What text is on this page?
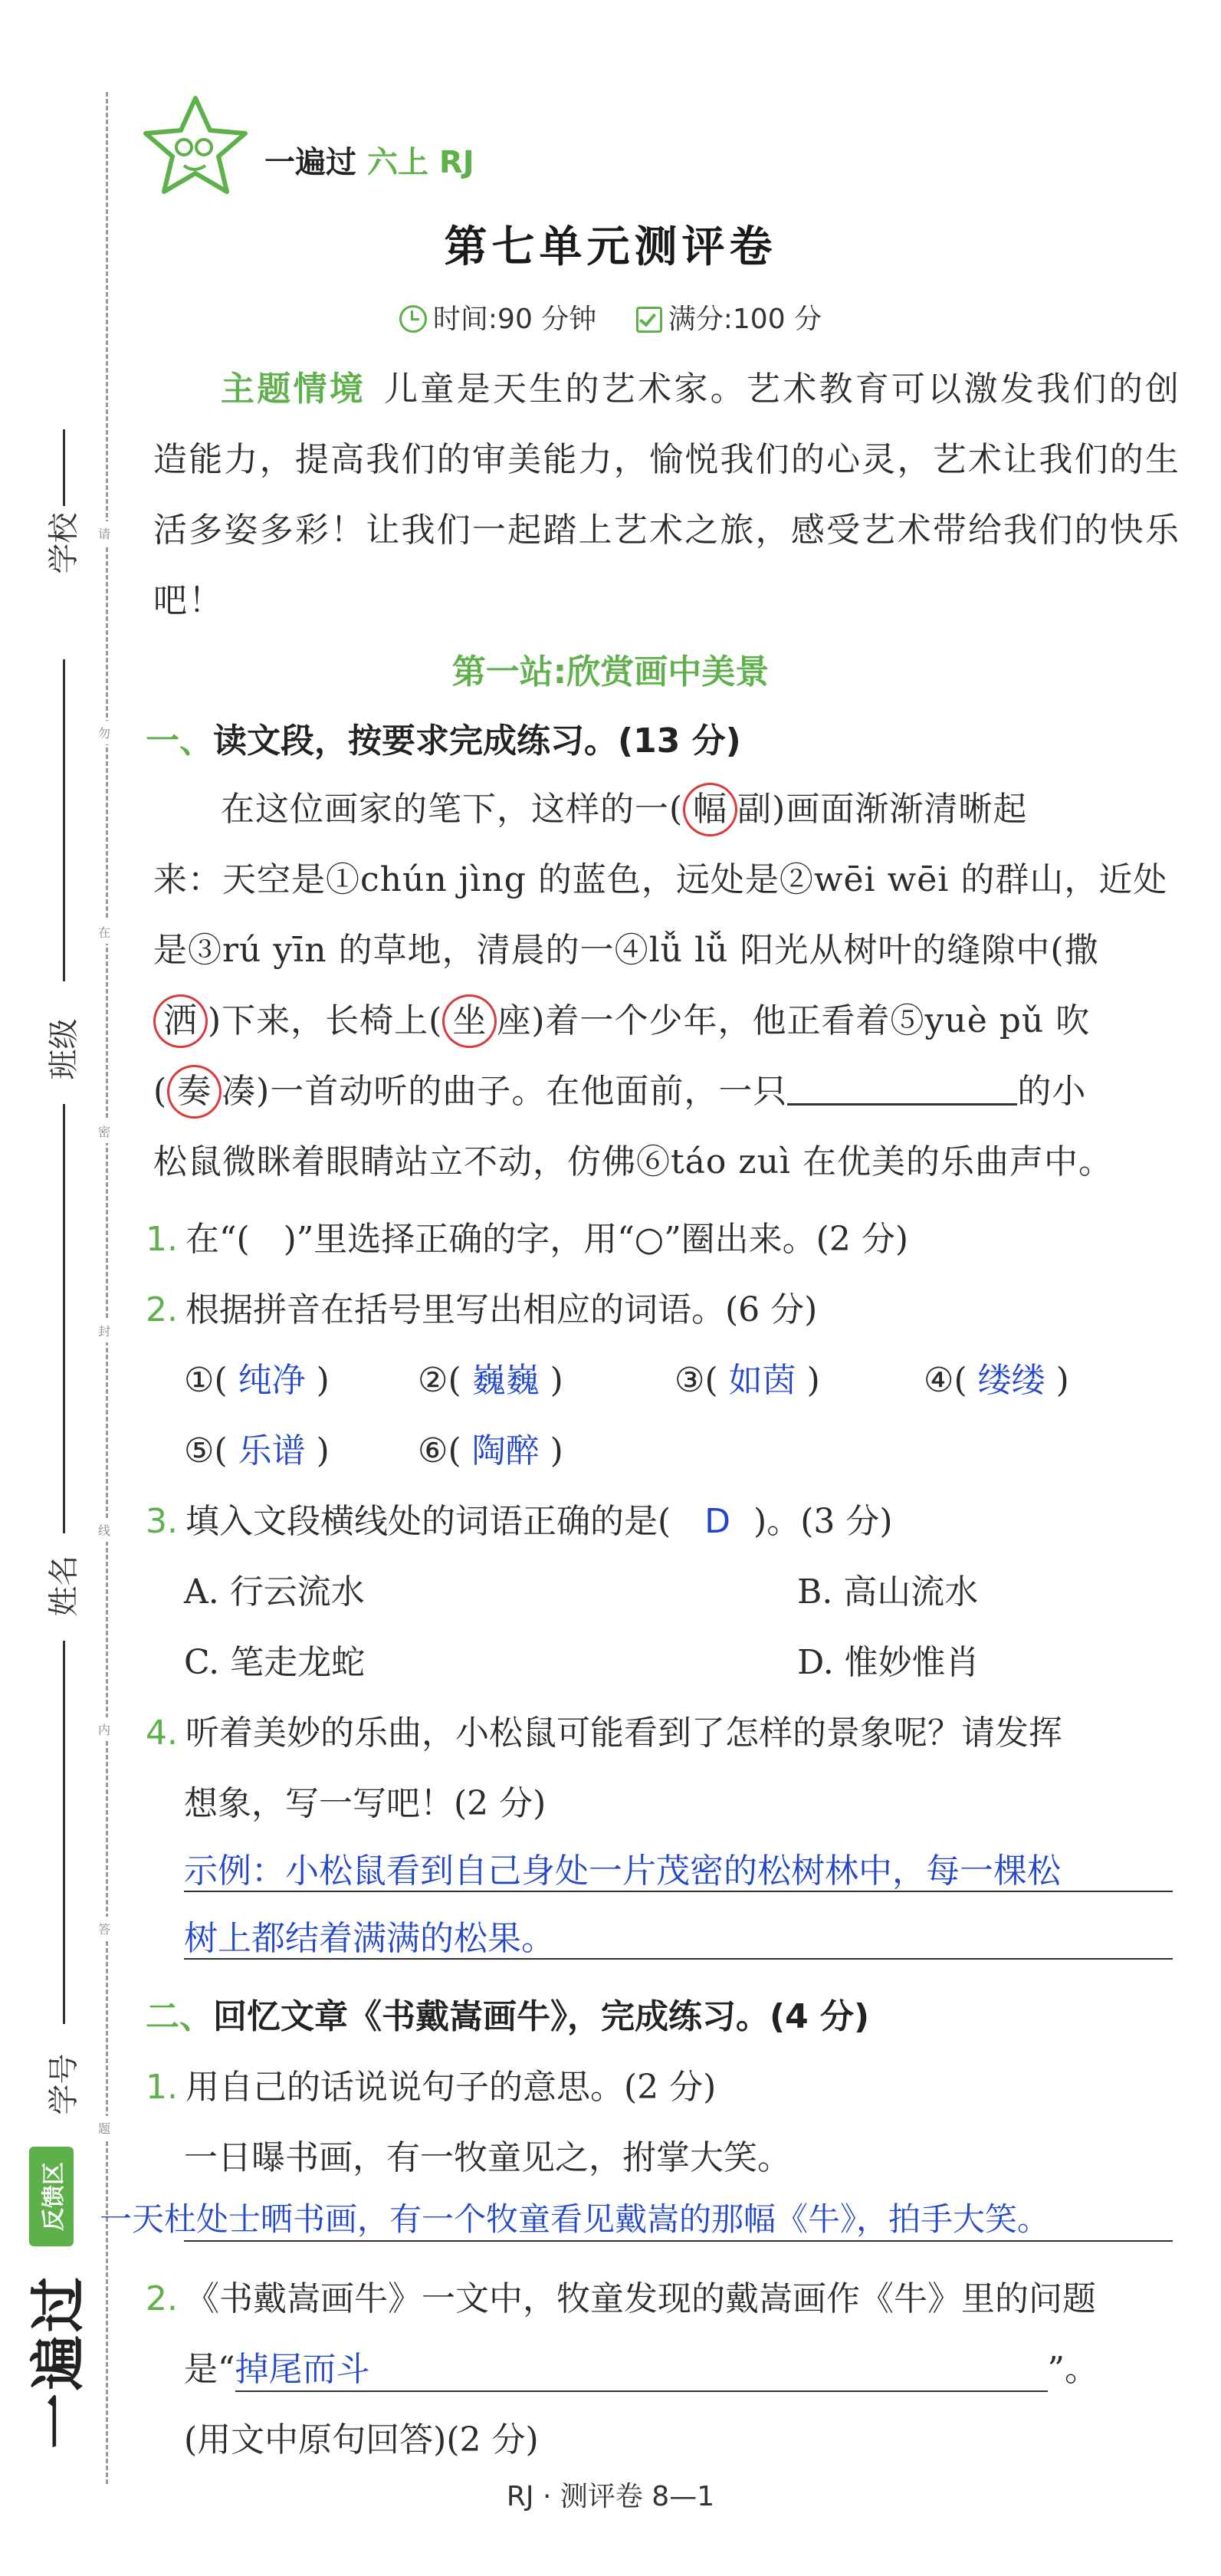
学校
班级
姓名
学号
请
勿
在
密
封
线
内
答
题
反馈区
一遍过
一遍过 六上 RJ
第七单元测评卷
时间:90 分钟	满分:100 分

主题情境 儿童是天生的艺术家。艺术教育可以激发我们的创造能力，提高我们的审美能力，愉悦我们的心灵，艺术让我们的生活多姿多彩！让我们一起踏上艺术之旅，感受艺术带给我们的快乐吧！

第一站:欣赏画中美景
一、读文段，按要求完成练习。(13 分)
在这位画家的笔下，这样的一( 幅 副)画面渐渐清晰起
来：天空是①chún jìng 的蓝色，远处是②wēi wēi 的群山，近处
是③rú yīn 的草地，清晨的一④lǚ lǚ 阳光从树叶的缝隙中(撒
洒 )下来，长椅上( 坐 座)着一个少年，他正看着⑤yuè pǔ 吹
( 奏 凑)一首动听的曲子。在他面前，一只	的小
松鼠微眯着眼睛站立不动，仿佛⑥táo zuì 在优美的乐曲声中。
1. 在“(　)”里选择正确的字，用“○”圈出来。(2 分)
2. 根据拼音在括号里写出相应的词语。(6 分)
①( 纯净 )	②( 巍巍 )	③( 如茵 )	④( 缕缕 )
⑤( 乐谱 )	⑥( 陶醉 )
3. 填入文段横线处的词语正确的是( D )。(3 分)
A. 行云流水	B. 高山流水
C. 笔走龙蛇	D. 惟妙惟肖
4. 听着美妙的乐曲，小松鼠可能看到了怎样的景象呢？请发挥
想象，写一写吧！(2 分)
示例：小松鼠看到自己身处一片茂密的松树林中，每一棵松
树上都结着满满的松果。
二、回忆文章《书戴嵩画牛》，完成练习。(4 分)
1. 用自己的话说说句子的意思。(2 分)
一日曝书画，有一牧童见之，拊掌大笑。
一天杜处士晒书画，有一个牧童看见戴嵩的那幅《牛》，拍手大笑。
2. 《书戴嵩画牛》一文中，牧童发现的戴嵩画作《牛》里的问题
是“掉尾而斗	”。
(用文中原句回答)(2 分)
RJ · 测评卷 8—1
